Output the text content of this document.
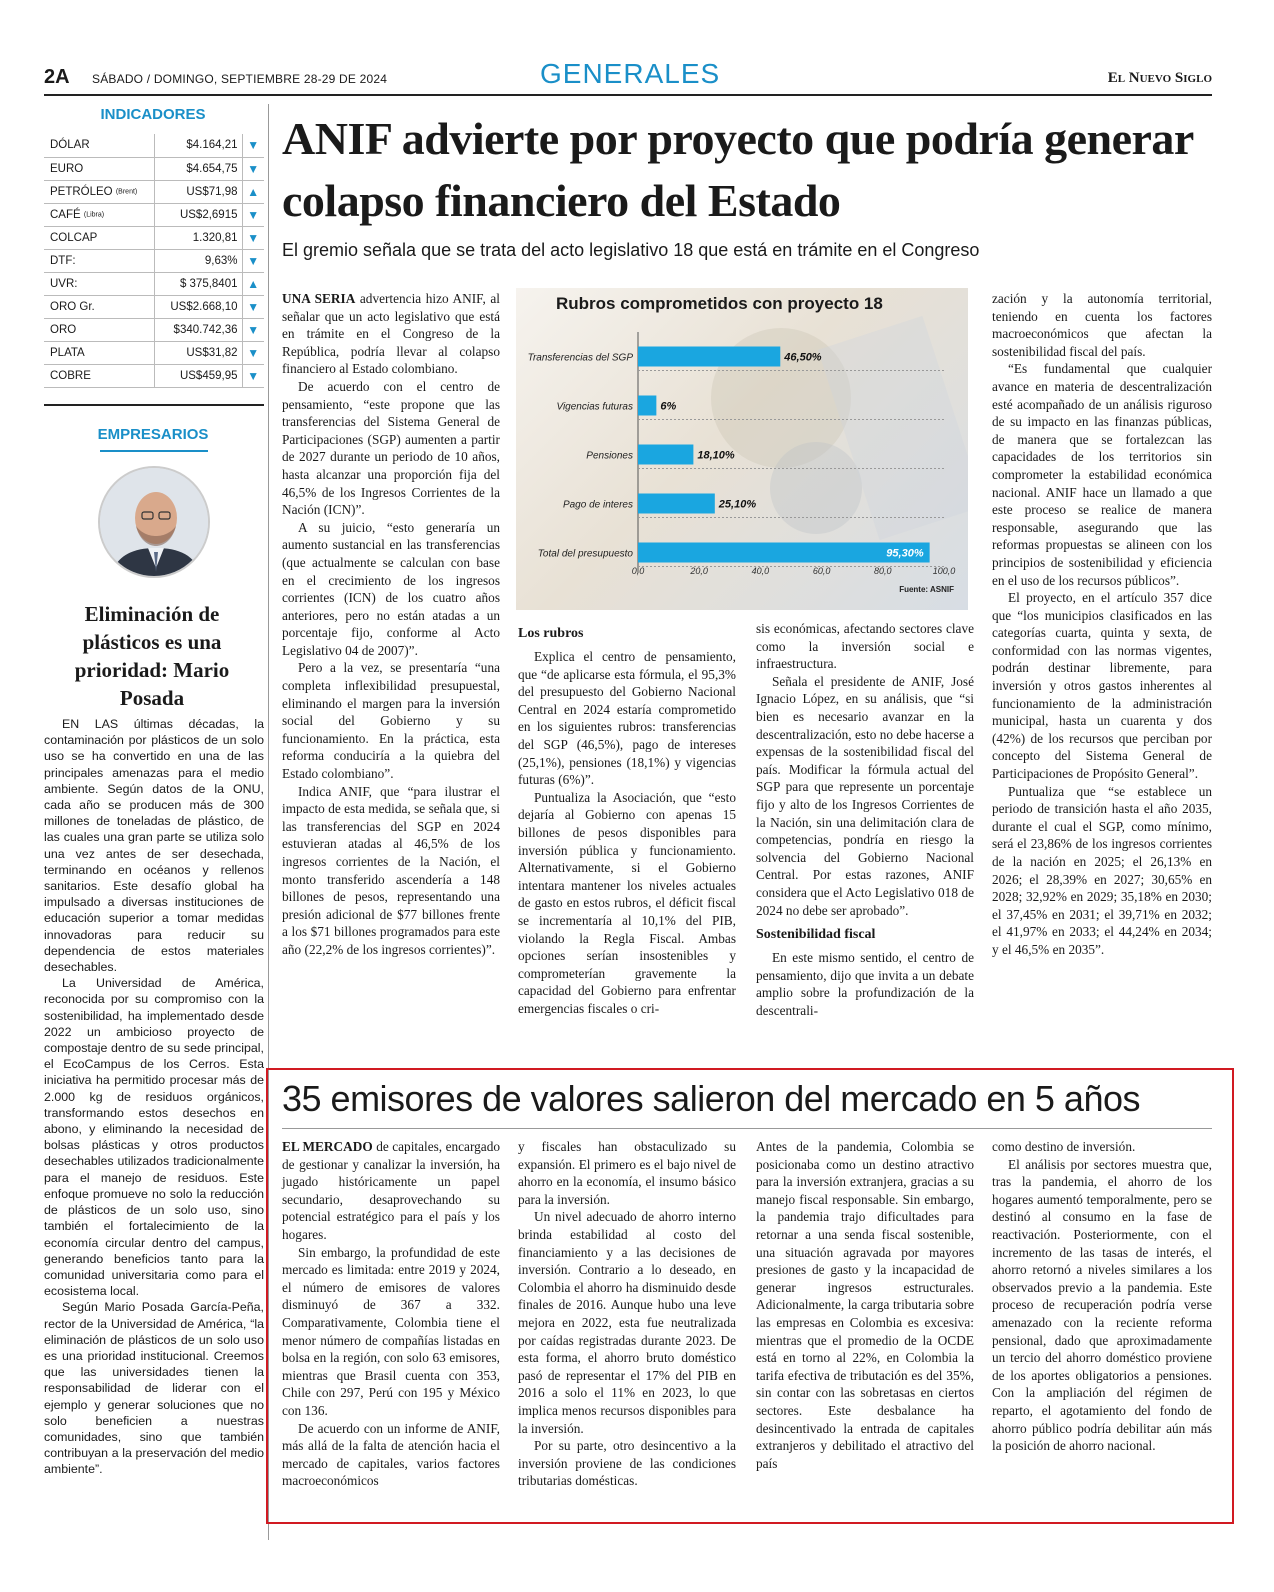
2A SÁBADO / DOMINGO, SEPTIEMBRE 28-29 DE 2024	GENERALES	El Nuevo Siglo
INDICADORES
DÓLAR	$4.164,21	▼
EURO	$4.654,75	▼
PETRÓLEO (Brent)	US$71,98	▲
CAFÉ (Libra)	US$2,6915	▼
COLCAP	1.320,81	▼
DTF:	9,63%	▼
UVR:	$ 375,8401	▲
ORO Gr.	US$2.668,10	▼
ORO	$340.742,36	▼
PLATA	US$31,82	▼
COBRE	US$459,95	▼
EMPRESARIOS
Eliminación de plásticos es una prioridad: Mario Posada

EN LAS últimas décadas, la contaminación por plásticos de un solo uso se ha convertido en una de las principales amenazas para el medio ambiente. Según datos de la ONU, cada año se producen más de 300 millones de toneladas de plástico, de las cuales una gran parte se utiliza solo una vez antes de ser desechada, terminando en océanos y rellenos sanitarios. Este desafío global ha impulsado a diversas instituciones de educación superior a tomar medidas innovadoras para reducir su dependencia de estos materiales desechables.

La Universidad de América, reconocida por su compromiso con la sostenibilidad, ha implementado desde 2022 un ambicioso proyecto de compostaje dentro de su sede principal, el EcoCampus de los Cerros. Esta iniciativa ha permitido procesar más de 2.000 kg de residuos orgánicos, transformando estos desechos en abono, y eliminando la necesidad de bolsas plásticas y otros productos desechables utilizados tradicionalmente para el manejo de residuos. Este enfoque promueve no solo la reducción de plásticos de un solo uso, sino también el fortalecimiento de la economía circular dentro del campus, generando beneficios tanto para la comunidad universitaria como para el ecosistema local.

Según Mario Posada García-Peña, rector de la Universidad de América, “la eliminación de plásticos de un solo uso es una prioridad institucional. Creemos que las universidades tienen la responsabilidad de liderar con el ejemplo y generar soluciones que no solo beneficien a nuestras comunidades, sino que también contribuyan a la preservación del medio ambiente”.

ANIF advierte por proyecto que podría generar colapso financiero del Estado
El gremio señala que se trata del acto legislativo 18 que está en trámite en el Congreso

UNA SERIA advertencia hizo ANIF, al señalar que un acto legislativo que está en trámite en el Congreso de la República, podría llevar al colapso financiero al Estado colombiano.

De acuerdo con el centro de pensamiento, “este propone que las transferencias del Sistema General de Participaciones (SGP) aumenten a partir de 2027 durante un periodo de 10 años, hasta alcanzar una proporción fija del 46,5% de los Ingresos Corrientes de la Nación (ICN)”.

A su juicio, “esto generaría un aumento sustancial en las transferencias (que actualmente se calculan con base en el crecimiento de los ingresos corrientes (ICN) de los cuatro años anteriores, pero no están atadas a un porcentaje fijo, conforme al Acto Legislativo 04 de 2007)”.

Pero a la vez, se presentaría “una completa inflexibilidad presupuestal, eliminando el margen para la inversión social del Gobierno y su funcionamiento. En la práctica, esta reforma conduciría a la quiebra del Estado colombiano”.

Indica ANIF, que “para ilustrar el impacto de esta medida, se señala que, si las transferencias del SGP en 2024 estuvieran atadas al 46,5% de los ingresos corrientes de la Nación, el monto transferido ascendería a 148 billones de pesos, representando una presión adicional de $77 billones frente a los $71 billones programados para este año (22,2% de los ingresos corrientes)”.

Rubros comprometidos con proyecto 18
Transferencias del SGP	46,50%
Vigencias futuras 6%
Pensiones	18,10%
Pago de interes	25,10%
Total del presupuesto	95,30%
0,0	20,0	40,0	60,0	80,0	100,0
Fuente: ASNIF
Los rubros

Explica el centro de pensamiento, que “de aplicarse esta fórmula, el 95,3% del presupuesto del Gobierno Nacional Central en 2024 estaría comprometido en los siguientes rubros: transferencias del SGP (46,5%), pago de intereses (25,1%), pensiones (18,1%) y vigencias futuras (6%)”.

Puntualiza la Asociación, que “esto dejaría al Gobierno con apenas 15 billones de pesos disponibles para inversión pública y funcionamiento. Alternativamente, si el Gobierno intentara mantener los niveles actuales de gasto en estos rubros, el déficit fiscal se incrementaría al 10,1% del PIB, violando la Regla Fiscal. Ambas opciones serían insostenibles y comprometerían gravemente la capacidad del Gobierno para enfrentar emergencias fiscales o cri-

sis económicas, afectando sectores clave como la inversión social e infraestructura.

Señala el presidente de ANIF, José Ignacio López, en su análisis, que “si bien es necesario avanzar en la descentralización, esto no debe hacerse a expensas de la sostenibilidad fiscal del país. Modificar la fórmula actual del SGP para que represente un porcentaje fijo y alto de los Ingresos Corrientes de la Nación, sin una delimitación clara de competencias, pondría en riesgo la solvencia del Gobierno Nacional Central. Por estas razones, ANIF considera que el Acto Legislativo 018 de 2024 no debe ser aprobado”.

Sostenibilidad fiscal

En este mismo sentido, el centro de pensamiento, dijo que invita a un debate amplio sobre la profundización de la descentrali-

zación y la autonomía territorial, teniendo en cuenta los factores macroeconómicos que afectan la sostenibilidad fiscal del país.

“Es fundamental que cualquier avance en materia de descentralización esté acompañado de un análisis riguroso de su impacto en las finanzas públicas, de manera que se fortalezcan las capacidades de los territorios sin comprometer la estabilidad económica nacional. ANIF hace un llamado a que este proceso se realice de manera responsable, asegurando que las reformas propuestas se alineen con los principios de sostenibilidad y eficiencia en el uso de los recursos públicos”.

El proyecto, en el artículo 357 dice que “los municipios clasificados en las categorías cuarta, quinta y sexta, de conformidad con las normas vigentes, podrán destinar libremente, para inversión y otros gastos inherentes al funcionamiento de la administración municipal, hasta un cuarenta y dos (42%) de los recursos que perciban por concepto del Sistema General de Participaciones de Propósito General”.

Puntualiza que “se establece un periodo de transición hasta el año 2035, durante el cual el SGP, como mínimo, será el 23,86% de los ingresos corrientes de la nación en 2025; el 26,13% en 2026; el 28,39% en 2027; 30,65% en 2028; 32,92% en 2029; 35,18% en 2030; el 37,45% en 2031; el 39,71% en 2032; el 41,97% en 2033; el 44,24% en 2034; y el 46,5% en 2035”.

35 emisores de valores salieron del mercado en 5 años

EL MERCADO de capitales, encargado de gestionar y canalizar la inversión, ha jugado históricamente un papel secundario, desaprovechando su potencial estratégico para el país y los hogares.

Sin embargo, la profundidad de este mercado es limitada: entre 2019 y 2024, el número de emisores de valores disminuyó de 367 a 332. Comparativamente, Colombia tiene el menor número de compañías listadas en bolsa en la región, con solo 63 emisores, mientras que Brasil cuenta con 353, Chile con 297, Perú con 195 y México con 136.

De acuerdo con un informe de ANIF, más allá de la falta de atención hacia el mercado de capitales, varios factores macroeconómicos

y fiscales han obstaculizado su expansión. El primero es el bajo nivel de ahorro en la economía, el insumo básico para la inversión.

Un nivel adecuado de ahorro interno brinda estabilidad al costo del financiamiento y a las decisiones de inversión. Contrario a lo deseado, en Colombia el ahorro ha disminuido desde finales de 2016. Aunque hubo una leve mejora en 2022, esta fue neutralizada por caídas registradas durante 2023. De esta forma, el ahorro bruto doméstico pasó de representar el 17% del PIB en 2016 a solo el 11% en 2023, lo que implica menos recursos disponibles para la inversión.

Por su parte, otro desincentivo a la inversión proviene de las condiciones tributarias domésticas.

Antes de la pandemia, Colombia se posicionaba como un destino atractivo para la inversión extranjera, gracias a su manejo fiscal responsable. Sin embargo, la pandemia trajo dificultades para retornar a una senda fiscal sostenible, una situación agravada por mayores presiones de gasto y la incapacidad de generar ingresos estructurales. Adicionalmente, la carga tributaria sobre las empresas en Colombia es excesiva: mientras que el promedio de la OCDE está en torno al 22%, en Colombia la tarifa efectiva de tributación es del 35%, sin contar con las sobretasas en ciertos sectores. Este desbalance ha desincentivado la entrada de capitales extranjeros y debilitado el atractivo del país

como destino de inversión.

El análisis por sectores muestra que, tras la pandemia, el ahorro de los hogares aumentó temporalmente, pero se destinó al consumo en la fase de reactivación. Posteriormente, con el incremento de las tasas de interés, el ahorro retornó a niveles similares a los observados previo a la pandemia. Este proceso de recuperación podría verse amenazado con la reciente reforma pensional, dado que aproximadamente un tercio del ahorro doméstico proviene de los aportes obligatorios a pensiones. Con la ampliación del régimen de reparto, el agotamiento del fondo de ahorro público podría debilitar aún más la posición de ahorro nacional.
